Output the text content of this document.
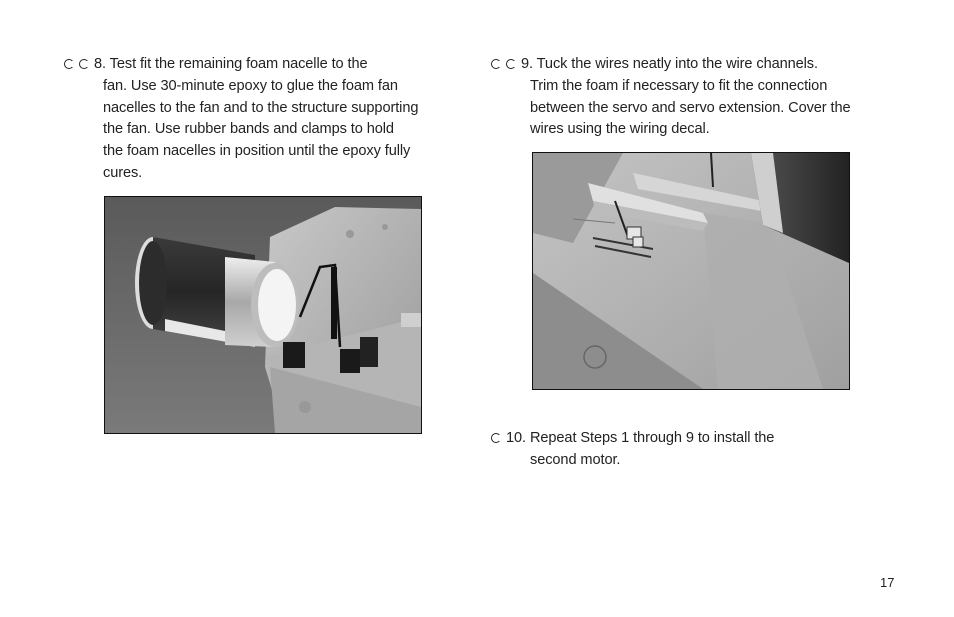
8. Test fit the remaining foam nacelle to the
fan. Use 30-minute epoxy to glue the foam fan
nacelles to the fan and to the structure supporting
the fan. Use rubber bands and clamps to hold
the foam nacelles in position until the epoxy fully
cures.
9. Tuck the wires neatly into the wire channels.
Trim the foam if necessary to fit the connection
between the servo and servo extension. Cover the
wires using the wiring decal.
10. Repeat Steps 1 through 9 to install the
second motor.
17
